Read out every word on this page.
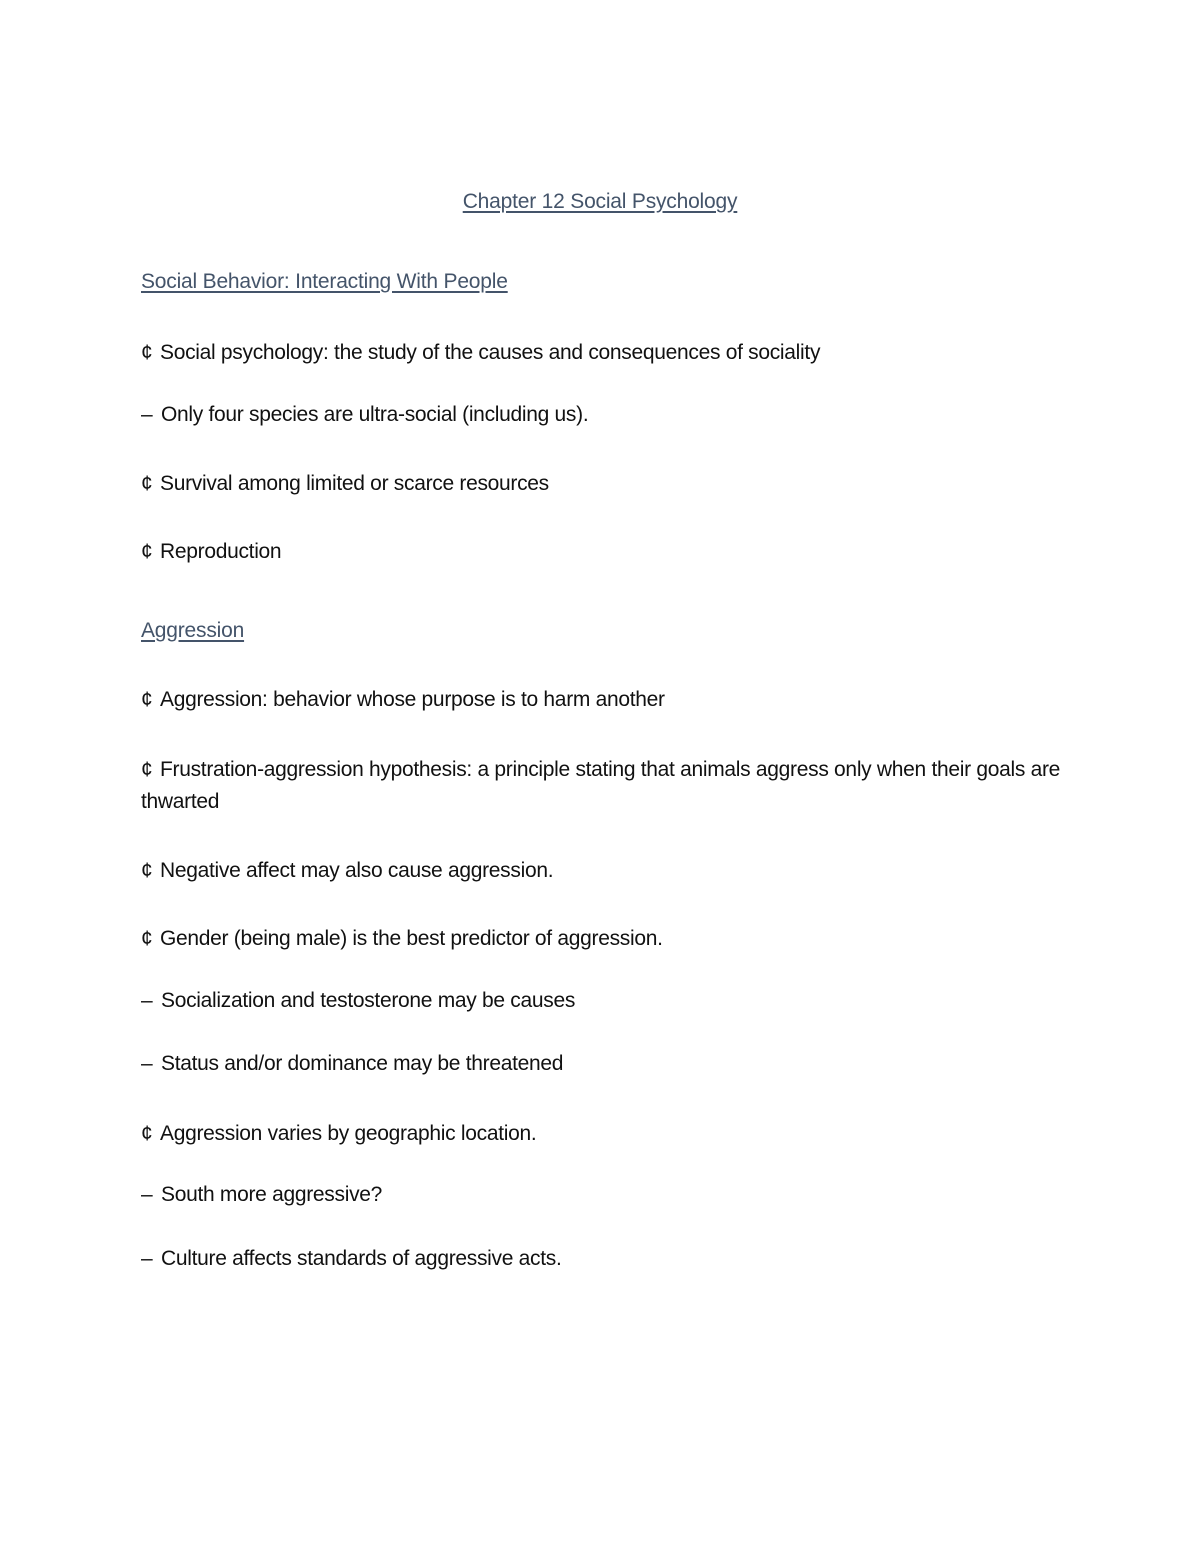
Chapter 12 Social Psychology
Social Behavior: Interacting With People
¢ Social psychology: the study of the causes and consequences of sociality
– Only four species are ultra-social (including us).
¢ Survival among limited or scarce resources
¢ Reproduction
Aggression
¢ Aggression: behavior whose purpose is to harm another
¢ Frustration-aggression hypothesis: a principle stating that animals aggress only when their goals are thwarted
¢ Negative affect may also cause aggression.
¢ Gender (being male) is the best predictor of aggression.
– Socialization and testosterone may be causes
– Status and/or dominance may be threatened
¢ Aggression varies by geographic location.
– South more aggressive?
– Culture affects standards of aggressive acts.
